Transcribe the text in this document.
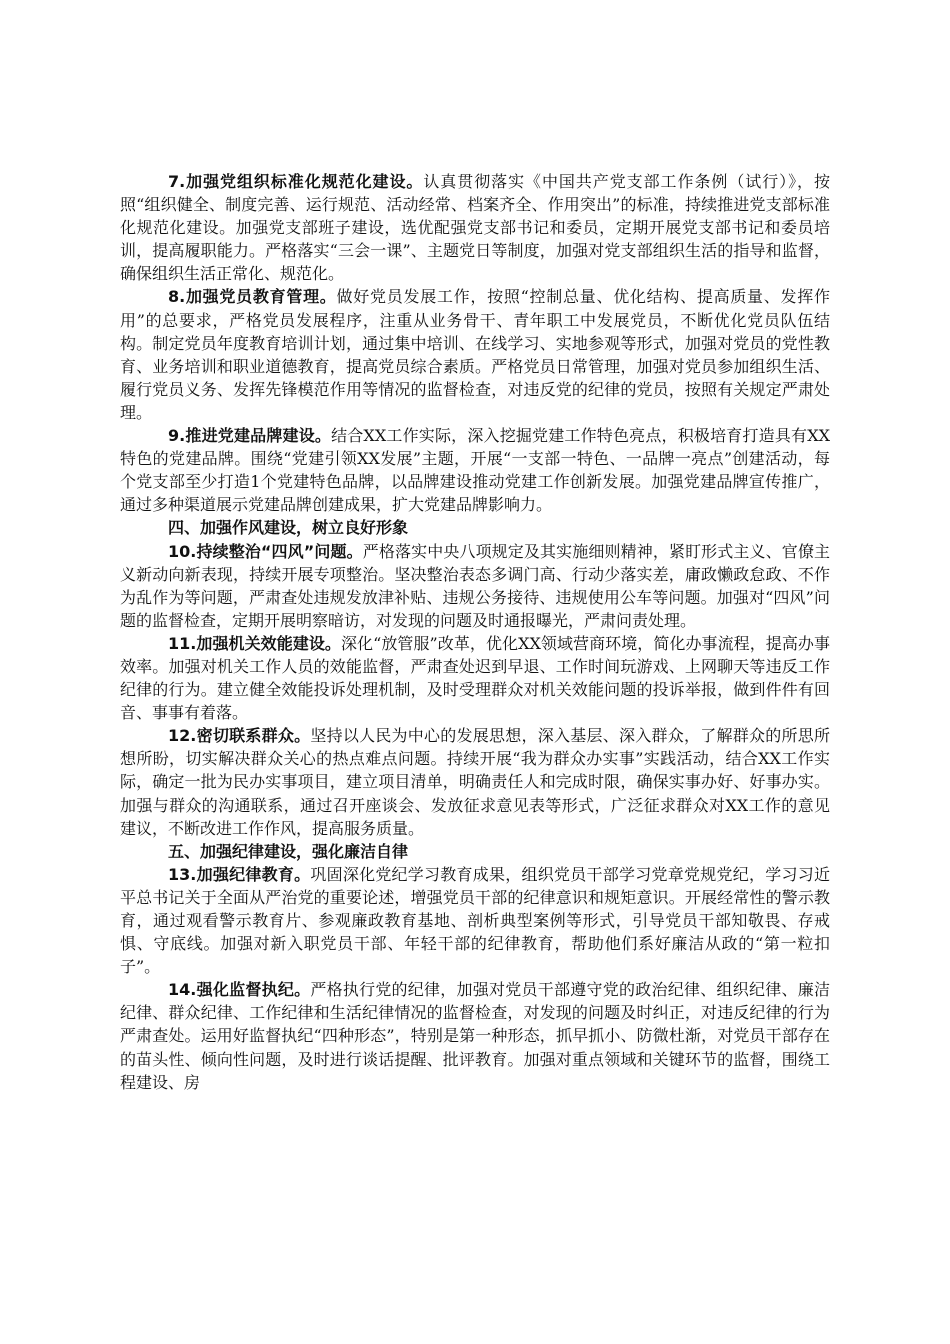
7.加强党组织标准化规范化建设。认真贯彻落实《中国共产党支部工作条例（试行）》，按照“组织健全、制度完善、运行规范、活动经常、档案齐全、作用突出”的标准，持续推进党支部标准化规范化建设。加强党支部班子建设，选优配强党支部书记和委员，定期开展党支部书记和委员培训，提高履职能力。严格落实“三会一课”、主题党日等制度，加强对党支部组织生活的指导和监督，确保组织生活正常化、规范化。

8.加强党员教育管理。做好党员发展工作，按照“控制总量、优化结构、提高质量、发挥作用”的总要求，严格党员发展程序，注重从业务骨干、青年职工中发展党员，不断优化党员队伍结构。制定党员年度教育培训计划，通过集中培训、在线学习、实地参观等形式，加强对党员的党性教育、业务培训和职业道德教育，提高党员综合素质。严格党员日常管理，加强对党员参加组织生活、履行党员义务、发挥先锋模范作用等情况的监督检查，对违反党的纪律的党员，按照有关规定严肃处理。

9.推进党建品牌建设。结合XX工作实际，深入挖掘党建工作特色亮点，积极培育打造具有XX特色的党建品牌。围绕“党建引领XX发展”主题，开展“一支部一特色、一品牌一亮点”创建活动，每个党支部至少打造1个党建特色品牌，以品牌建设推动党建工作创新发展。加强党建品牌宣传推广，通过多种渠道展示党建品牌创建成果，扩大党建品牌影响力。

四、加强作风建设，树立良好形象

10.持续整治“四风”问题。严格落实中央八项规定及其实施细则精神，紧盯形式主义、官僚主义新动向新表现，持续开展专项整治。坚决整治表态多调门高、行动少落实差，庸政懒政怠政、不作为乱作为等问题，严肃查处违规发放津补贴、违规公务接待、违规使用公车等问题。加强对“四风”问题的监督检查，定期开展明察暗访，对发现的问题及时通报曝光，严肃问责处理。

11.加强机关效能建设。深化“放管服”改革，优化XX领域营商环境，简化办事流程，提高办事效率。加强对机关工作人员的效能监督，严肃查处迟到早退、工作时间玩游戏、上网聊天等违反工作纪律的行为。建立健全效能投诉处理机制，及时受理群众对机关效能问题的投诉举报，做到件件有回音、事事有着落。

12.密切联系群众。坚持以人民为中心的发展思想，深入基层、深入群众，了解群众的所思所想所盼，切实解决群众关心的热点难点问题。持续开展“我为群众办实事”实践活动，结合XX工作实际，确定一批为民办实事项目，建立项目清单，明确责任人和完成时限，确保实事办好、好事办实。加强与群众的沟通联系，通过召开座谈会、发放征求意见表等形式，广泛征求群众对XX工作的意见建议，不断改进工作作风，提高服务质量。

五、加强纪律建设，强化廉洁自律

13.加强纪律教育。巩固深化党纪学习教育成果，组织党员干部学习党章党规党纪，学习习近平总书记关于全面从严治党的重要论述，增强党员干部的纪律意识和规矩意识。开展经常性的警示教育，通过观看警示教育片、参观廉政教育基地、剖析典型案例等形式，引导党员干部知敬畏、存戒惧、守底线。加强对新入职党员干部、年轻干部的纪律教育，帮助他们系好廉洁从政的“第一粒扣子”。

14.强化监督执纪。严格执行党的纪律，加强对党员干部遵守党的政治纪律、组织纪律、廉洁纪律、群众纪律、工作纪律和生活纪律情况的监督检查，对发现的问题及时纠正，对违反纪律的行为严肃查处。运用好监督执纪“四种形态”，特别是第一种形态，抓早抓小、防微杜渐，对党员干部存在的苗头性、倾向性问题，及时进行谈话提醒、批评教育。加强对重点领域和关键环节的监督，围绕工程建设、房
